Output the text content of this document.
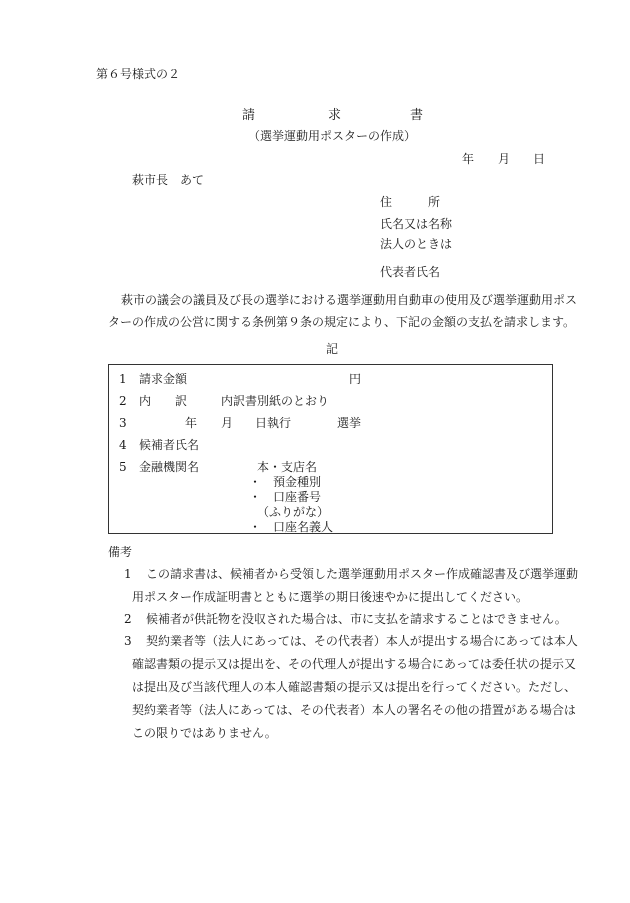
第６号様式の２
請	求	書
（選挙運動用ポスターの作成）
年 月 日
萩市長　あて
住　　　所
氏名又は名称
法人のときは
代表者氏名
萩市の議会の議員及び長の選挙における選挙運動用自動車の使用及び選挙運動用ポス
ターの作成の公営に関する条例第９条の規定により、下記の金額の支払を請求します。
記
1 請求金額	円
2 内 訳	内訳書別紙のとおり
3	年 月 日執行	選挙
4 候補者氏名
5 金融機関名	本・支店名
・　預金種別
・　口座番号
（ふりがな）
・　口座名義人
備考
1 この請求書は、候補者から受領した選挙運動用ポスター作成確認書及び選挙運動
用ポスター作成証明書とともに選挙の期日後速やかに提出してください。
2 候補者が供託物を没収された場合は、市に支払を請求することはできません。
3 契約業者等（法人にあっては、その代表者）本人が提出する場合にあっては本人
確認書類の提示又は提出を、その代理人が提出する場合にあっては委任状の提示又
は提出及び当該代理人の本人確認書類の提示又は提出を行ってください。ただし、
契約業者等（法人にあっては、その代表者）本人の署名その他の措置がある場合は
この限りではありません。
